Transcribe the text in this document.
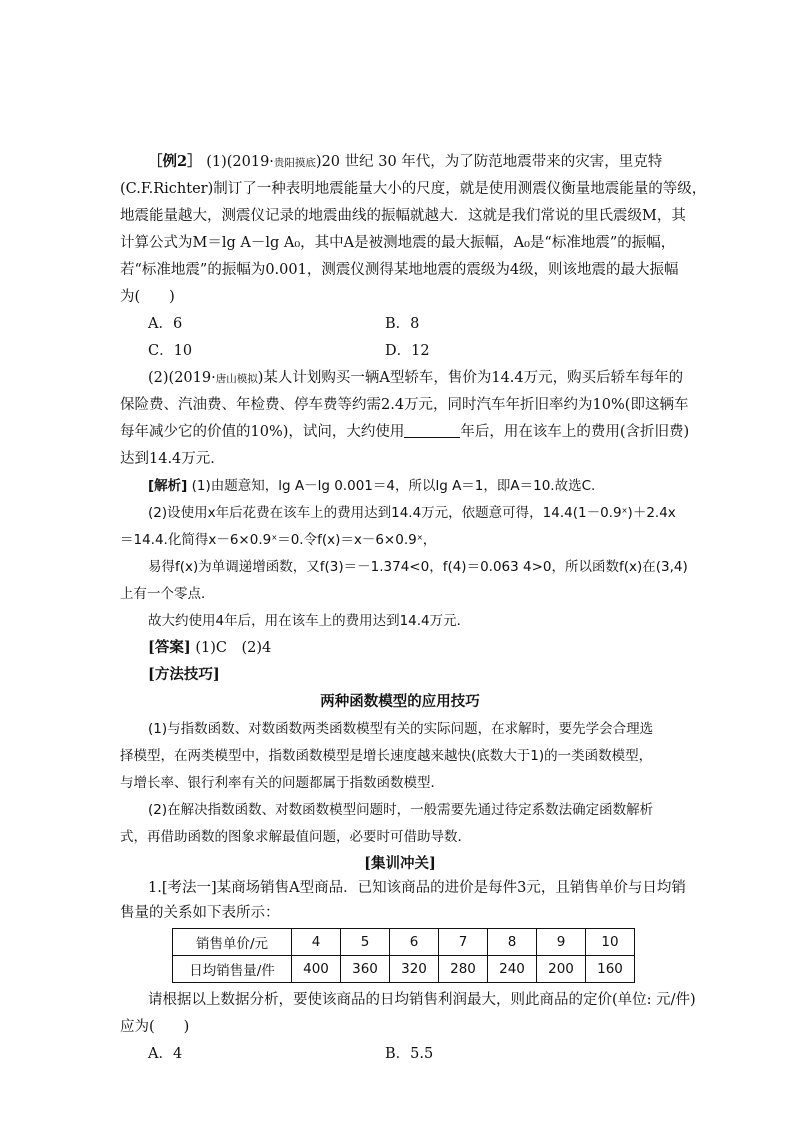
［例2］ (1)(2019·贵阳摸底)20 世纪 30 年代，为了防范地震带来的灾害，里克特
(C.F.Richter)制订了一种表明地震能量大小的尺度，就是使用测震仪衡量地震能量的等级，
地震能量越大，测震仪记录的地震曲线的振幅就越大．这就是我们常说的里氏震级M，其
计算公式为M＝lg A－lg A₀，其中A是被测地震的最大振幅，A₀是“标准地震”的振幅，
若“标准地震”的振幅为0.001，测震仪测得某地地震的震级为4级，则该地震的最大振幅
为(　　)
A．6	B．8
C．10	D．12
(2)(2019·唐山模拟)某人计划购买一辆A型轿车，售价为14.4万元，购买后轿车每年的
保险费、汽油费、年检费、停车费等约需2.4万元，同时汽车年折旧率约为10%(即这辆车
每年减少它的价值的10%)，试问，大约使用	年后，用在该车上的费用(含折旧费)
达到14.4万元．
[解析] (1)由题意知，lg A－lg 0.001＝4，所以lg A＝1，即A＝10.故选C.
(2)设使用x年后花费在该车上的费用达到14.4万元，依题意可得，14.4(1－0.9ˣ)＋2.4x
＝14.4.化简得x－6×0.9ˣ＝0.令f(x)＝x－6×0.9ˣ，
易得f(x)为单调递增函数，又f(3)＝－1.374<0，f(4)＝0.063 4>0，所以函数f(x)在(3,4)
上有一个零点．
故大约使用4年后，用在该车上的费用达到14.4万元．
[答案] (1)C　(2)4
[方法技巧]
两种函数模型的应用技巧
(1)与指数函数、对数函数两类函数模型有关的实际问题，在求解时，要先学会合理选
择模型，在两类模型中，指数函数模型是增长速度越来越快(底数大于1)的一类函数模型，
与增长率、银行利率有关的问题都属于指数函数模型．
(2)在解决指数函数、对数函数模型问题时，一般需要先通过待定系数法确定函数解析
式，再借助函数的图象求解最值问题，必要时可借助导数．
[集训冲关]
1.[考法一]某商场销售A型商品．已知该商品的进价是每件3元，且销售单价与日均销
售量的关系如下表所示：
销售单价/元	4	5	6	7	8	9	10
日均销售量/件	400	360	320	280	240	200	160
请根据以上数据分析，要使该商品的日均销售利润最大，则此商品的定价(单位: 元/件)
应为(　　)
A．4	B．5.5
